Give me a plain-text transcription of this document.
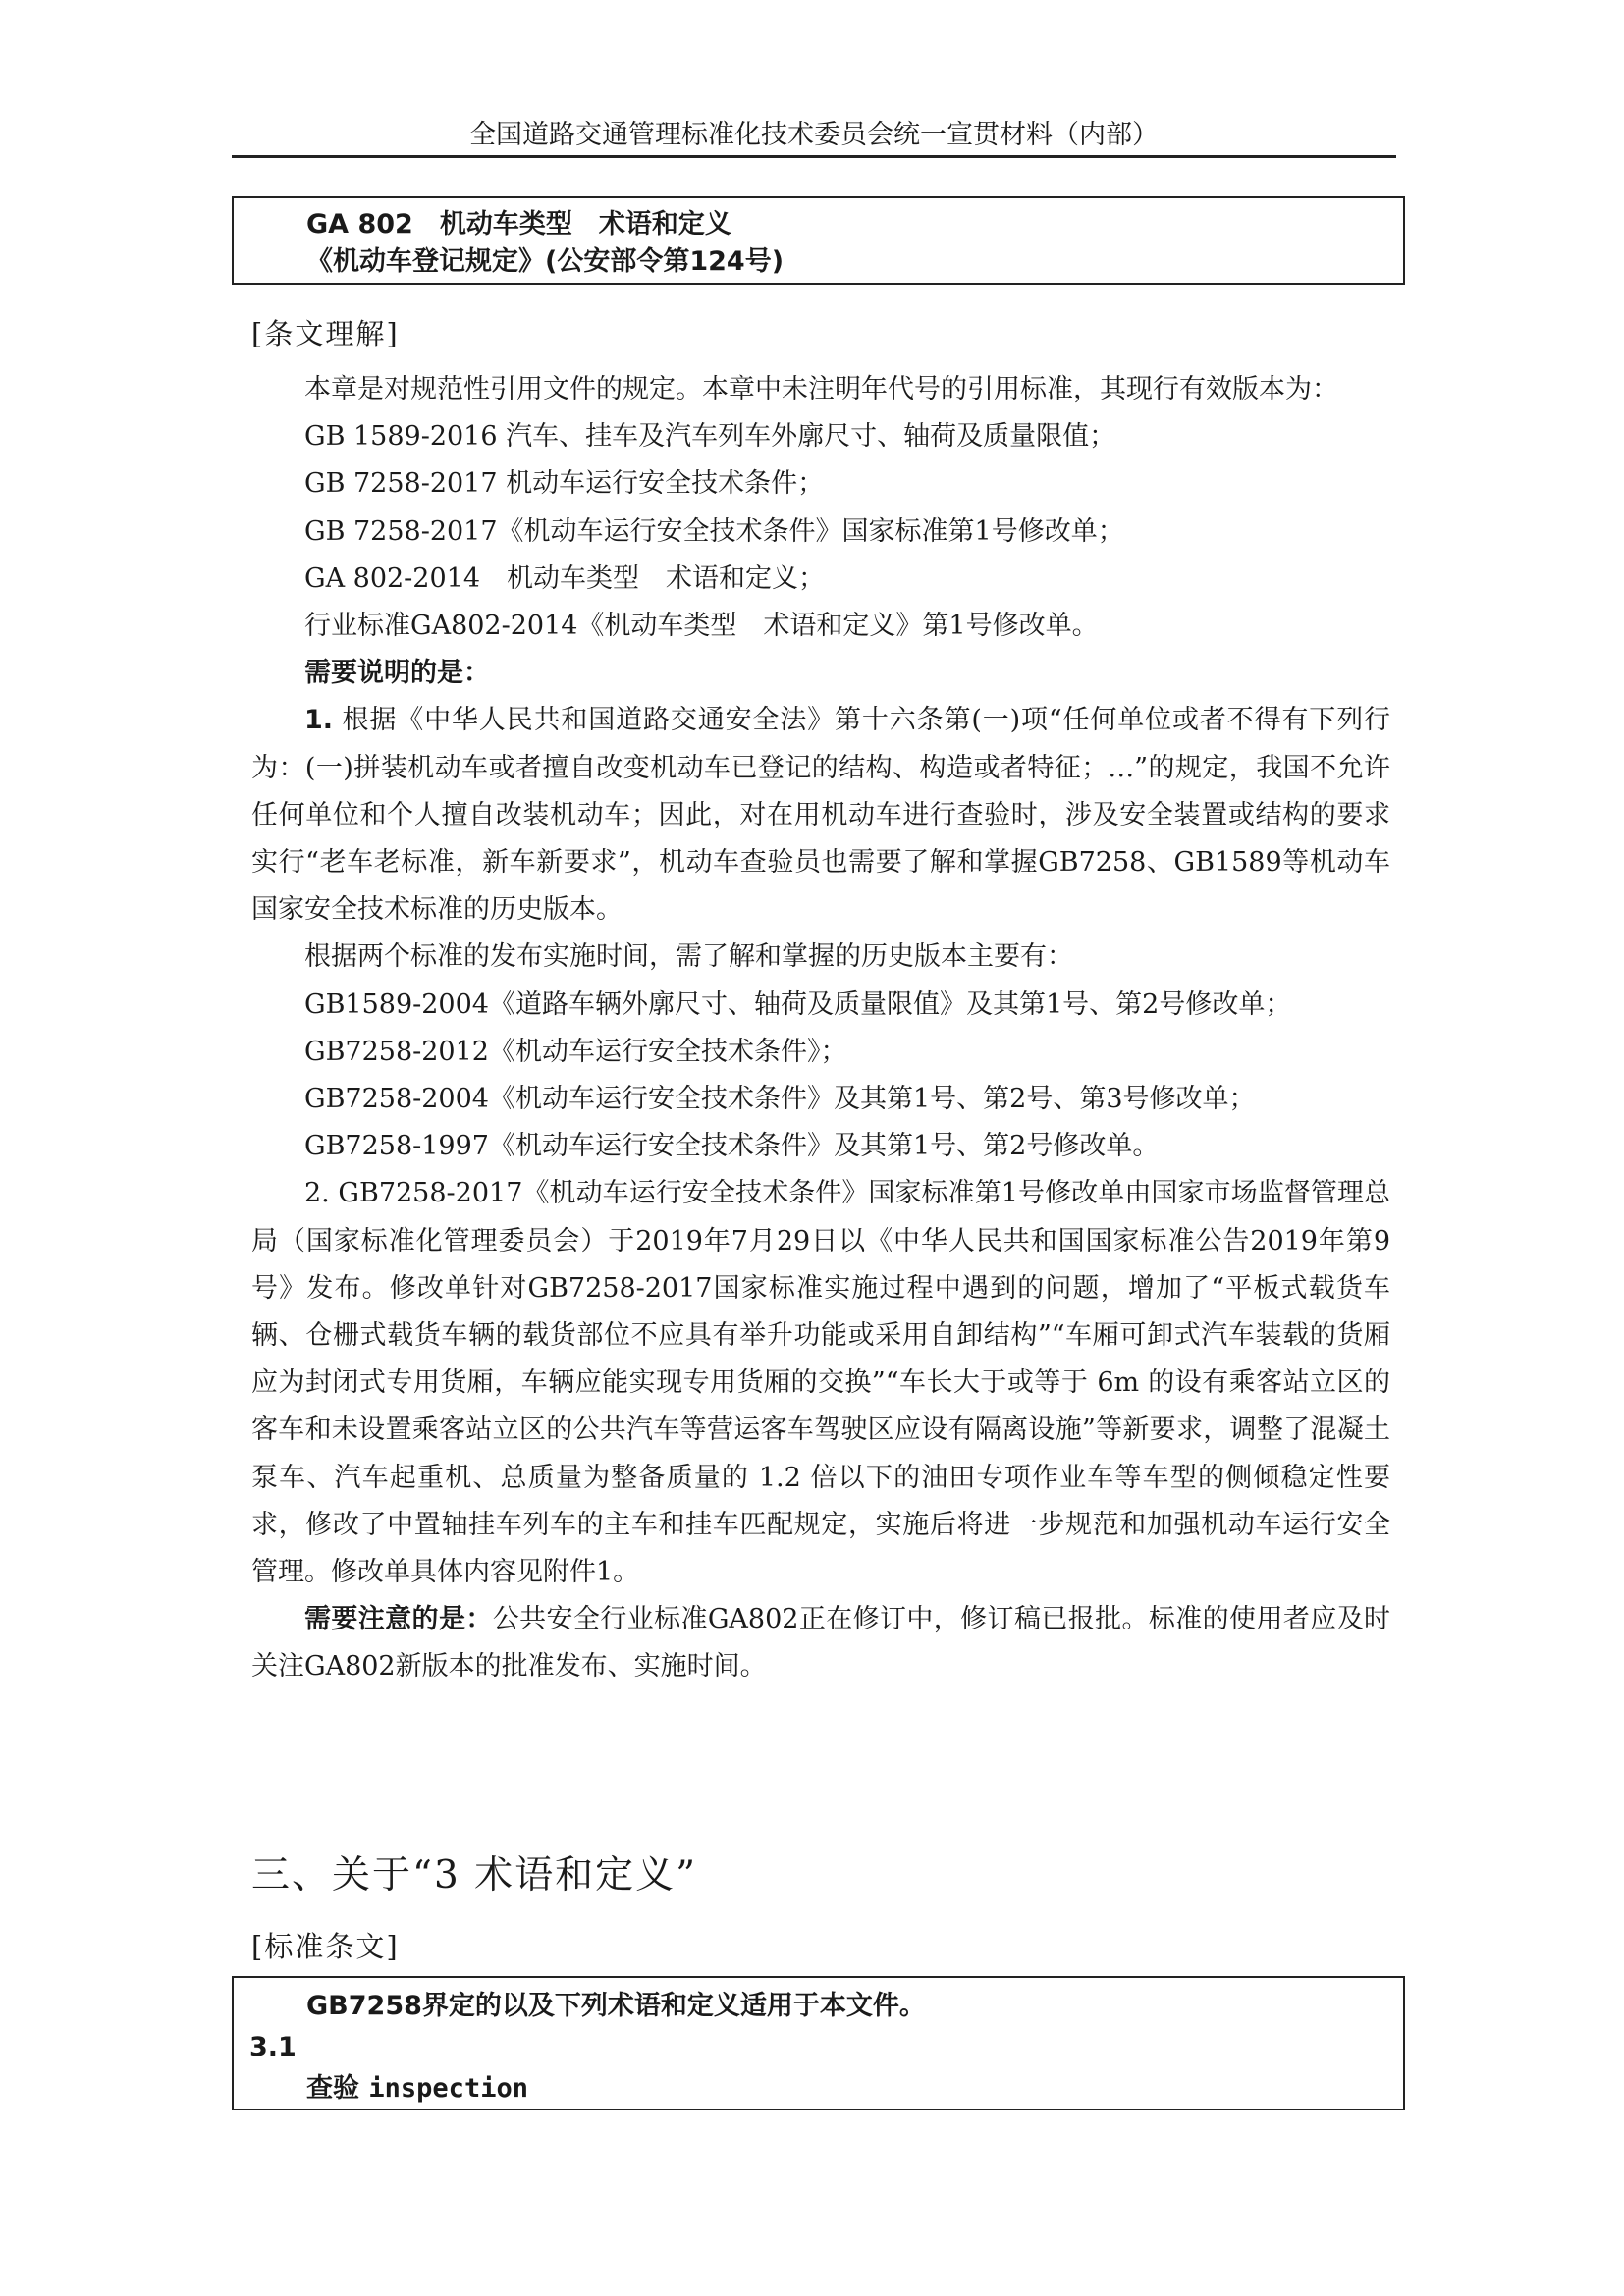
全国道路交通管理标准化技术委员会统一宣贯材料（内部）
GA 802　机动车类型　术语和定义
《机动车登记规定》(公安部令第124号)
[条文理解]

本章是对规范性引用文件的规定。本章中未注明年代号的引用标准，其现行有效版本为：

GB 1589-2016 汽车、挂车及汽车列车外廓尺寸、轴荷及质量限值；

GB 7258-2017 机动车运行安全技术条件；

GB 7258-2017《机动车运行安全技术条件》国家标准第1号修改单；

GA 802-2014　机动车类型　术语和定义；

行业标准GA802-2014《机动车类型　术语和定义》第1号修改单。

需要说明的是：

1. 根据《中华人民共和国道路交通安全法》第十六条第(一)项“任何单位或者不得有下列行为：(一)拼装机动车或者擅自改变机动车已登记的结构、构造或者特征；…”的规定，我国不允许任何单位和个人擅自改装机动车；因此，对在用机动车进行查验时，涉及安全装置或结构的要求实行“老车老标准，新车新要求”，机动车查验员也需要了解和掌握GB7258、GB1589等机动车国家安全技术标准的历史版本。

根据两个标准的发布实施时间，需了解和掌握的历史版本主要有：

GB1589-2004《道路车辆外廓尺寸、轴荷及质量限值》及其第1号、第2号修改单；

GB7258-2012《机动车运行安全技术条件》；

GB7258-2004《机动车运行安全技术条件》及其第1号、第2号、第3号修改单；

GB7258-1997《机动车运行安全技术条件》及其第1号、第2号修改单。

2. GB7258-2017《机动车运行安全技术条件》国家标准第1号修改单由国家市场监督管理总局（国家标准化管理委员会）于2019年7月29日以《中华人民共和国国家标准公告2019年第9号》发布。修改单针对GB7258-2017国家标准实施过程中遇到的问题，增加了“平板式载货车辆、仓栅式载货车辆的载货部位不应具有举升功能或采用自卸结构”“车厢可卸式汽车装载的货厢应为封闭式专用货厢，车辆应能实现专用货厢的交换”“车长大于或等于 6m 的设有乘客站立区的客车和未设置乘客站立区的公共汽车等营运客车驾驶区应设有隔离设施”等新要求，调整了混凝土泵车、汽车起重机、总质量为整备质量的 1.2 倍以下的油田专项作业车等车型的侧倾稳定性要求，修改了中置轴挂车列车的主车和挂车匹配规定，实施后将进一步规范和加强机动车运行安全管理。修改单具体内容见附件1。

需要注意的是：公共安全行业标准GA802正在修订中，修订稿已报批。标准的使用者应及时关注GA802新版本的批准发布、实施时间。

三、关于“3 术语和定义”
[标准条文]
GB7258界定的以及下列术语和定义适用于本文件。
3.1
查验 inspection
